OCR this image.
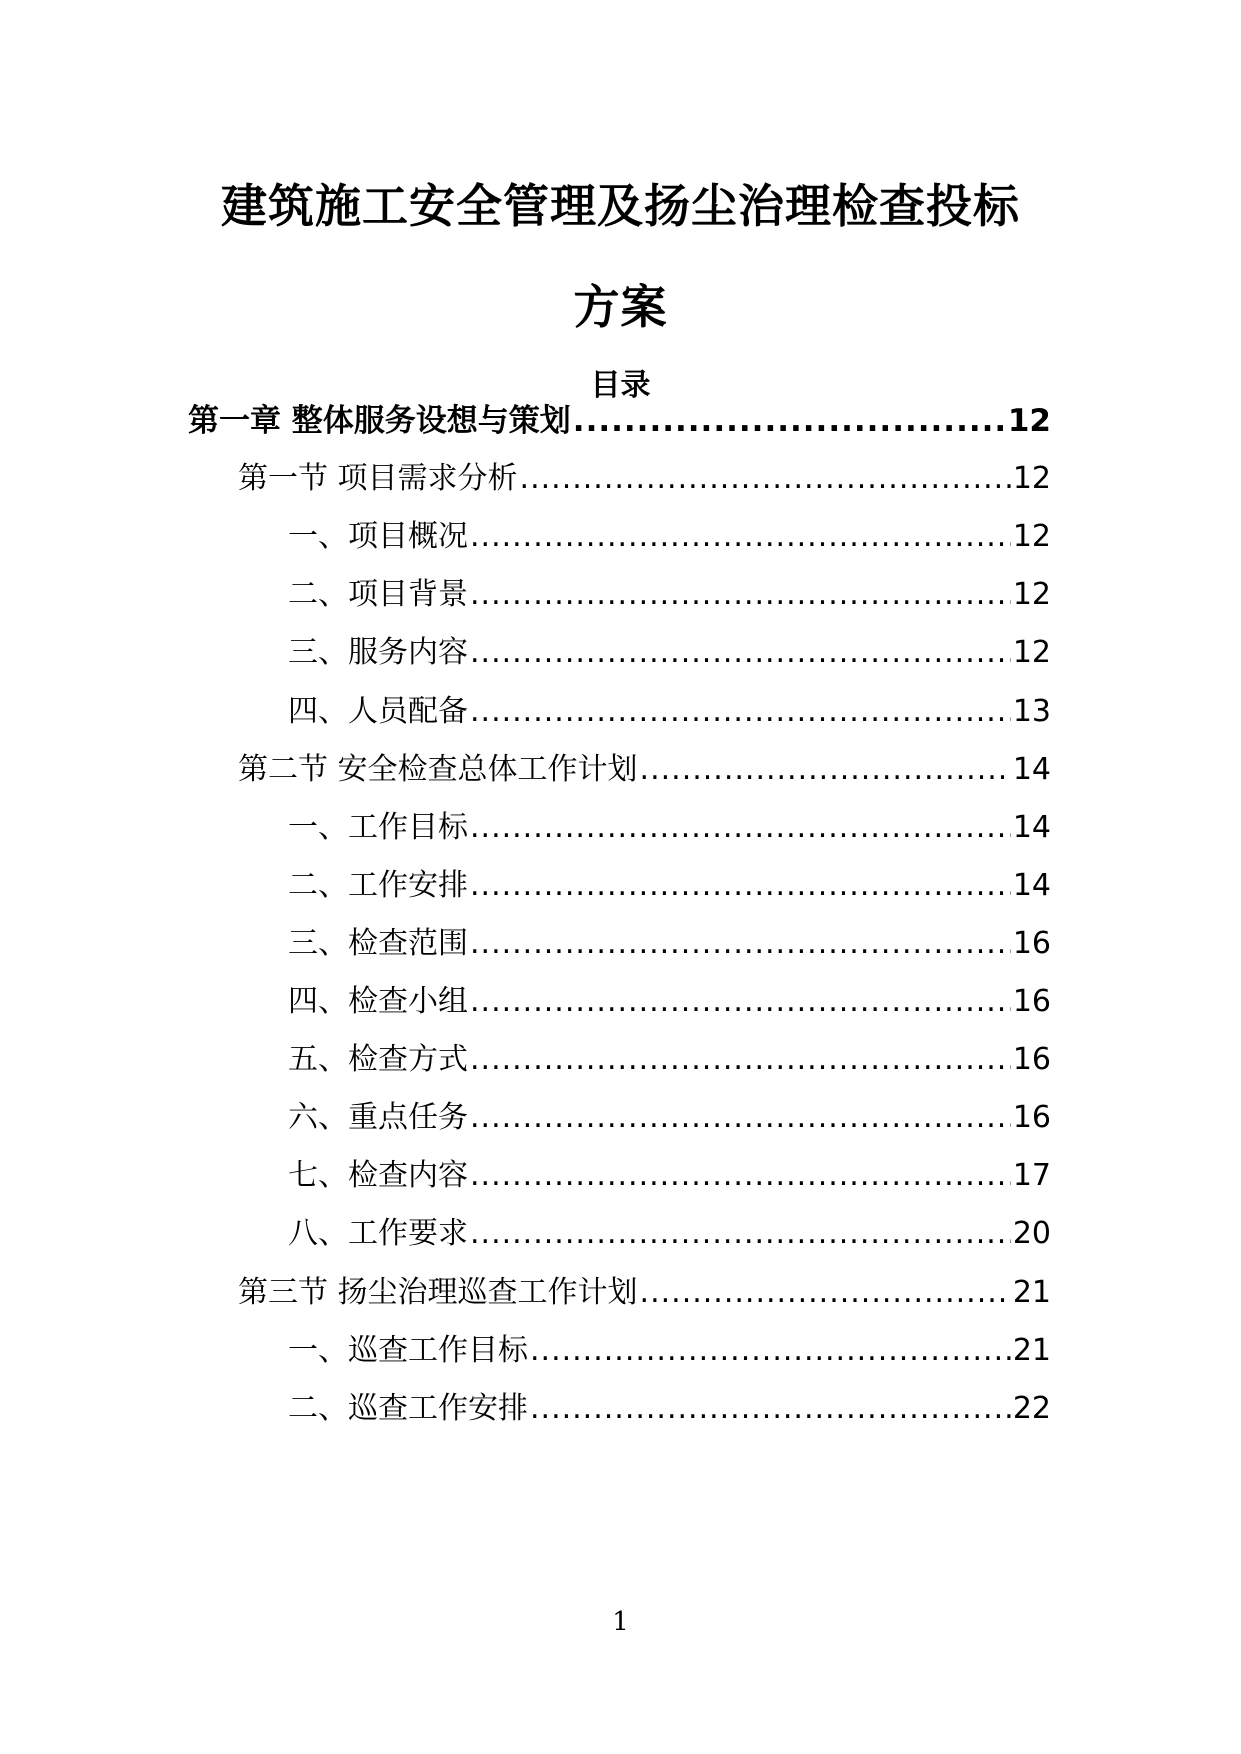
建筑施工安全管理及扬尘治理检查投标
方案
目录
第一章 整体服务设想与策划 .....	12
第一节 项目需求分析 .....	12
一、项目概况 .....	12
二、项目背景 .....	12
三、服务内容 .....	12
四、人员配备 .....	13
第二节 安全检查总体工作计划 .....	14
一、工作目标 .....	14
二、工作安排 .....	14
三、检查范围 .....	16
四、检查小组 .....	16
五、检查方式 .....	16
六、重点任务 .....	16
七、检查内容 .....	17
八、工作要求 .....	20
第三节 扬尘治理巡查工作计划 .....	21
一、巡查工作目标 .....	21
二、巡查工作安排 .....	22
1
